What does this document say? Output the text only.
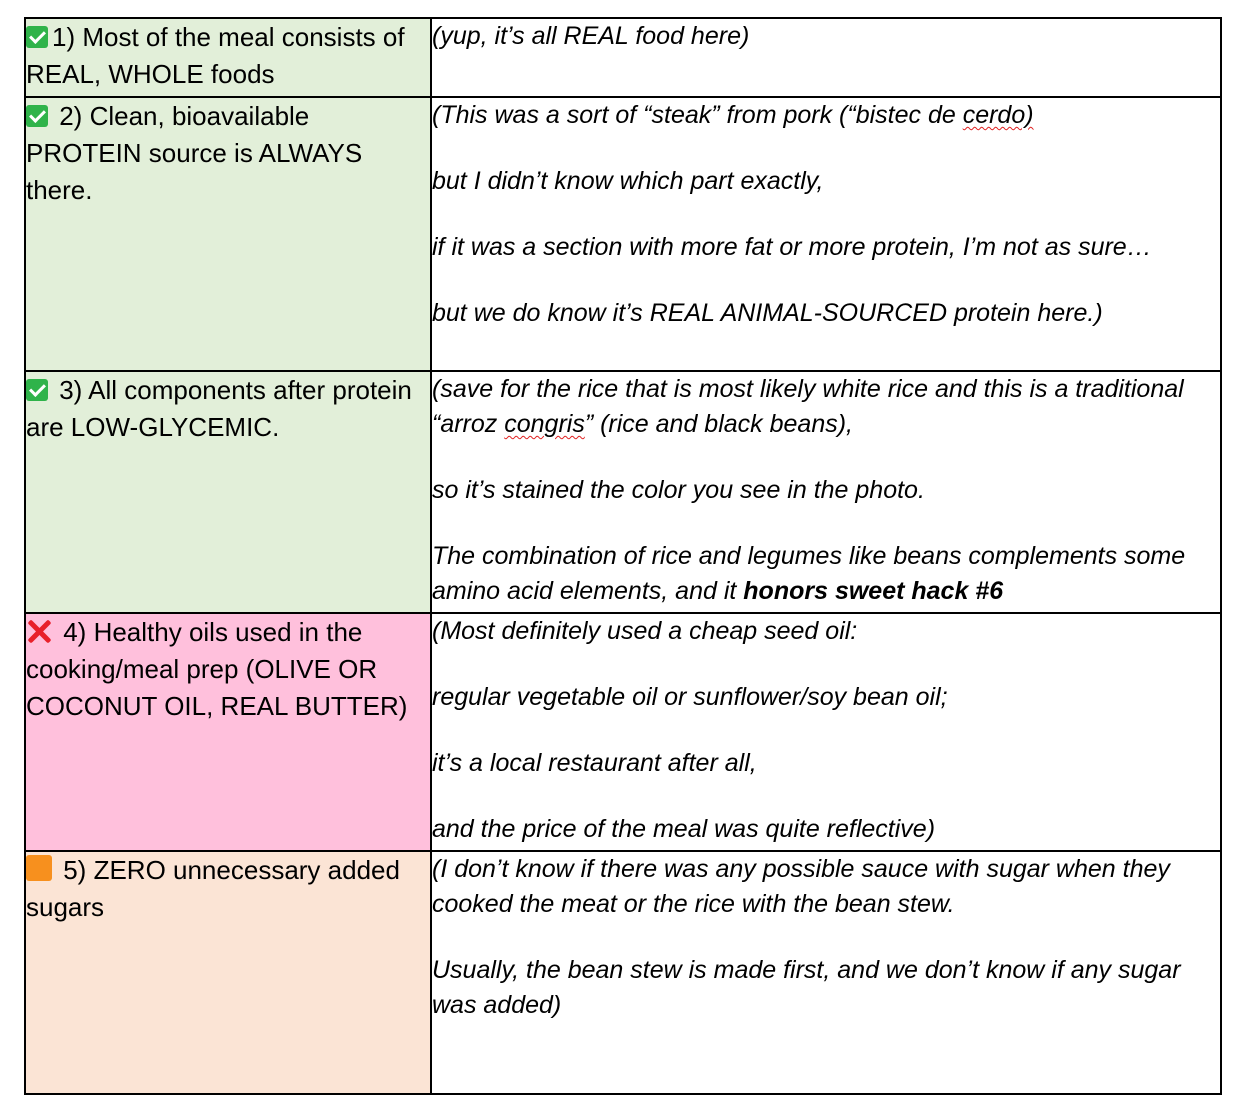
1) Most of the meal consists of REAL, WHOLE foods	(yup, it’s all REAL food here)

2) Clean, bioavailable PROTEIN source is ALWAYS there.	(This was a sort of “steak” from pork (“bistec de cerdo)

but I didn’t know which part exactly,

if it was a section with more fat or more protein, I’m not as sure…

but we do know it’s REAL ANIMAL-SOURCED protein here.)

3) All components after protein are LOW-GLYCEMIC.	(save for the rice that is most likely white rice and this is a traditional “arroz congris” (rice and black beans),

so it’s stained the color you see in the photo.

The combination of rice and legumes like beans complements some amino acid elements, and it honors sweet hack #6

4) Healthy oils used in the cooking/meal prep (OLIVE OR COCONUT OIL, REAL BUTTER)	(Most definitely used a cheap seed oil:

regular vegetable oil or sunflower/soy bean oil;

it’s a local restaurant after all,

and the price of the meal was quite reflective)

5) ZERO unnecessary added sugars	(I don’t know if there was any possible sauce with sugar when they cooked the meat or the rice with the bean stew.

Usually, the bean stew is made first, and we don’t know if any sugar was added)
